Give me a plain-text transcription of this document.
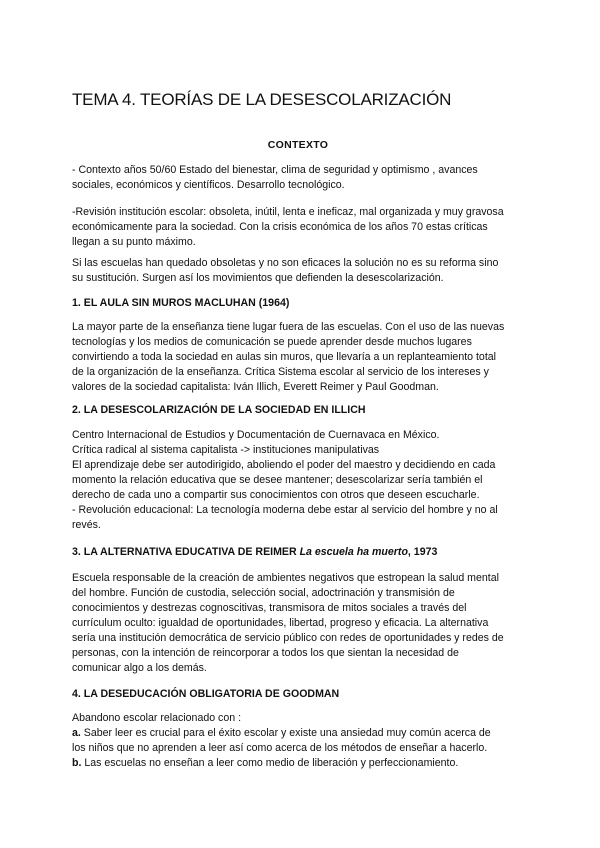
TEMA 4. TEORÍAS DE LA DESESCOLARIZACIÓN
CONTEXTO

- Contexto años 50/60 Estado del bienestar, clima de seguridad y optimismo , avances
sociales, económicos y científicos. Desarrollo tecnológico.

-Revisión institución escolar: obsoleta, inútil, lenta e ineficaz, mal organizada y muy gravosa
económicamente para la sociedad. Con la crisis económica de los años 70 estas críticas
llegan a su punto máximo.

Si las escuelas han quedado obsoletas y no son eficaces la solución no es su reforma sino
su sustitución. Surgen así los movimientos que defienden la desescolarización.

1. EL AULA SIN MUROS MACLUHAN (1964)

La mayor parte de la enseñanza tiene lugar fuera de las escuelas. Con el uso de las nuevas
tecnologías y los medios de comunicación se puede aprender desde muchos lugares
convirtiendo a toda la sociedad en aulas sin muros, que llevaría a un replanteamiento total
de la organización de la enseñanza. Crítica Sistema escolar al servicio de los intereses y
valores de la sociedad capitalista: Iván Illich, Everett Reimer y Paul Goodman.

2. LA DESESCOLARIZACIÓN DE LA SOCIEDAD EN ILLICH

Centro Internacional de Estudios y Documentación de Cuernavaca en México.
Crítica radical al sistema capitalista -> instituciones manipulativas
El aprendizaje debe ser autodirigido, aboliendo el poder del maestro y decidiendo en cada
momento la relación educativa que se desee mantener; desescolarizar sería también el
derecho de cada uno a compartir sus conocimientos con otros que deseen escucharle.
- Revolución educacional: La tecnología moderna debe estar al servicio del hombre y no al
revés.

3. LA ALTERNATIVA EDUCATIVA DE REIMER La escuela ha muerto, 1973

Escuela responsable de la creación de ambientes negativos que estropean la salud mental
del hombre. Función de custodia, selección social, adoctrinación y transmisión de
conocimientos y destrezas cognoscitivas, transmisora de mitos sociales a través del
currículum oculto: igualdad de oportunidades, libertad, progreso y eficacia. La alternativa
sería una institución democrática de servicio público con redes de oportunidades y redes de
personas, con la intención de reincorporar a todos los que sientan la necesidad de
comunicar algo a los demás.

4. LA DESEDUCACIÓN OBLIGATORIA DE GOODMAN

Abandono escolar relacionado con :
a. Saber leer es crucial para el éxito escolar y existe una ansiedad muy común acerca de
los niños que no aprenden a leer así como acerca de los métodos de enseñar a hacerlo.
b. Las escuelas no enseñan a leer como medio de liberación y perfeccionamiento.
